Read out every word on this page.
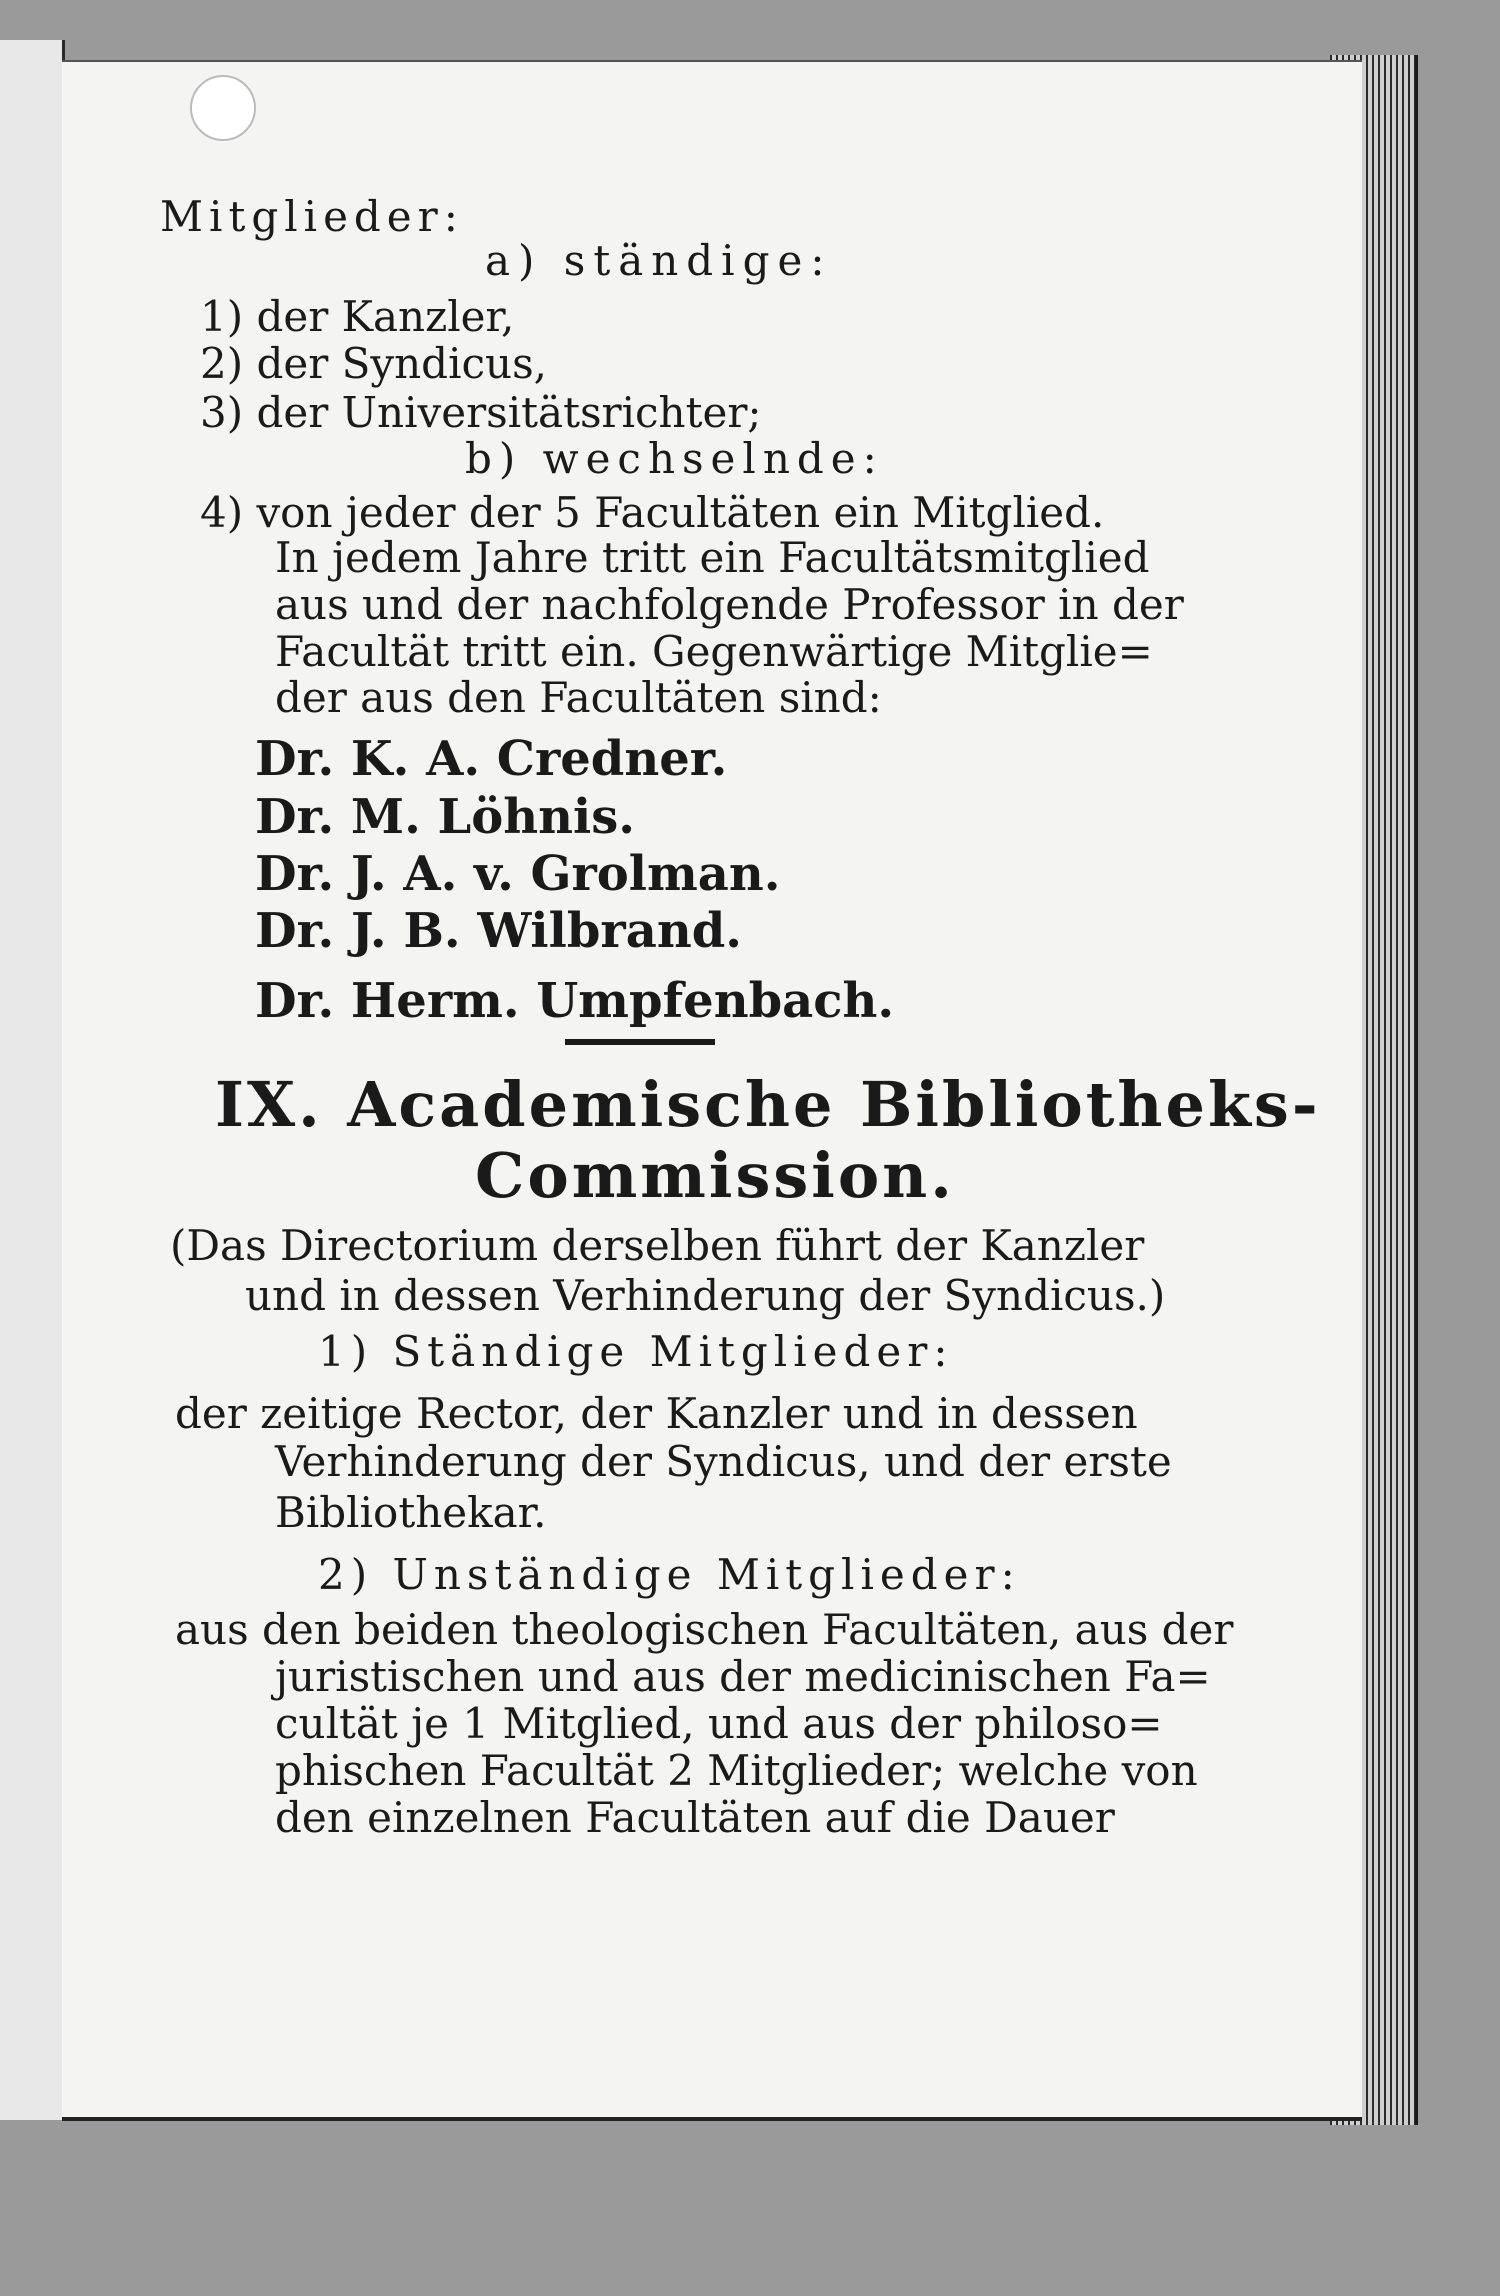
Mitglieder:
a) ständige:
1) der Kanzler,
2) der Syndicus,
3) der Universitätsrichter;
b) wechselnde:
4) von jeder der 5 Facultäten ein Mitglied.
In jedem Jahre tritt ein Facultätsmitglied
aus und der nachfolgende Professor in der
Facultät tritt ein. Gegenwärtige Mitglie=
der aus den Facultäten sind:
Dr. K. A. Credner.
Dr. M. Löhnis.
Dr. J. A. v. Grolman.
Dr. J. B. Wilbrand.
Dr. Herm. Umpfenbach.
IX. Academische Bibliotheks-
Commission.
(Das Directorium derselben führt der Kanzler
und in dessen Verhinderung der Syndicus.)
1) Ständige Mitglieder:
der zeitige Rector, der Kanzler und in dessen
Verhinderung der Syndicus, und der erste
Bibliothekar.
2) Unständige Mitglieder:
aus den beiden theologischen Facultäten, aus der
juristischen und aus der medicinischen Fa=
cultät je 1 Mitglied, und aus der philoso=
phischen Facultät 2 Mitglieder; welche von
den einzelnen Facultäten auf die Dauer
